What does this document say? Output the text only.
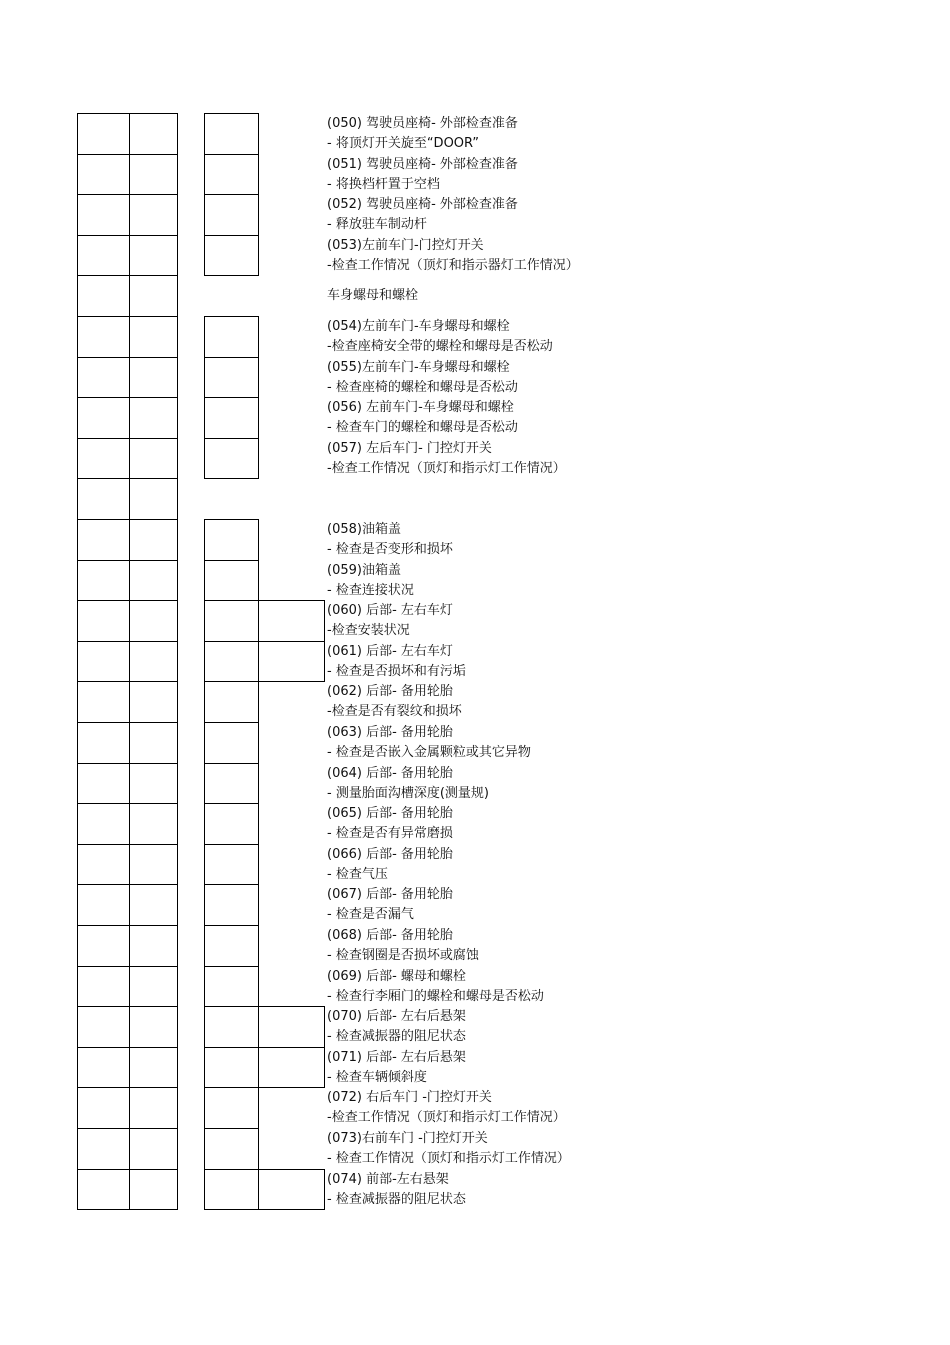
(050) 驾驶员座椅- 外部检查准备
- 将顶灯开关旋至“DOOR”
(051) 驾驶员座椅- 外部检查准备
- 将换档杆置于空档
(052) 驾驶员座椅- 外部检查准备
- 释放驻车制动杆
(053)左前车门-门控灯开关
-检查工作情况（顶灯和指示器灯工作情况）
(054)左前车门-车身螺母和螺栓
-检查座椅安全带的螺栓和螺母是否松动
(055)左前车门-车身螺母和螺栓
- 检查座椅的螺栓和螺母是否松动
(056) 左前车门-车身螺母和螺栓
- 检查车门的螺栓和螺母是否松动
(057) 左后车门- 门控灯开关
-检查工作情况（顶灯和指示灯工作情况）
(058)油箱盖
- 检查是否变形和损坏
(059)油箱盖
- 检查连接状况
(060) 后部- 左右车灯
-检查安装状况
(061) 后部- 左右车灯
- 检查是否损坏和有污垢
(062) 后部- 备用轮胎
-检查是否有裂纹和损坏
(063) 后部- 备用轮胎
- 检查是否嵌入金属颗粒或其它异物
(064) 后部- 备用轮胎
- 测量胎面沟槽深度(测量规)
(065) 后部- 备用轮胎
- 检查是否有异常磨损
(066) 后部- 备用轮胎
- 检查气压
(067) 后部- 备用轮胎
- 检查是否漏气
(068) 后部- 备用轮胎
- 检查钢圈是否损坏或腐蚀
(069) 后部- 螺母和螺栓
- 检查行李厢门的螺栓和螺母是否松动
(070) 后部- 左右后悬架
- 检查减振器的阻尼状态
(071) 后部- 左右后悬架
- 检查车辆倾斜度
(072) 右后车门 -门控灯开关
-检查工作情况（顶灯和指示灯工作情况）
(073)右前车门 -门控灯开关
- 检查工作情况（顶灯和指示灯工作情况）
(074) 前部-左右悬架
- 检查减振器的阻尼状态
车身螺母和螺栓
